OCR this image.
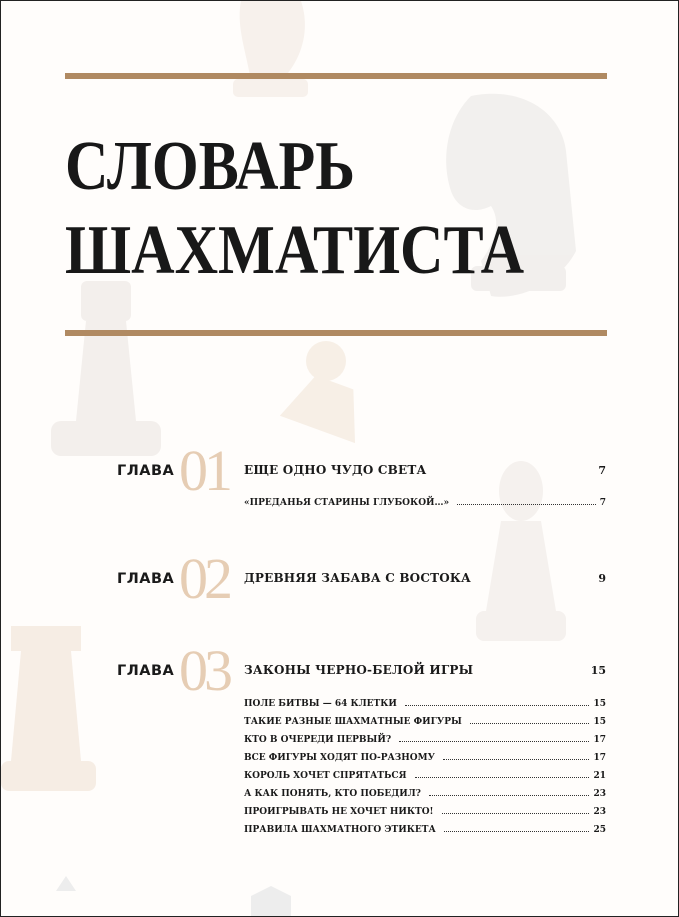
СЛОВАРЬ
ШАХМАТИСТА
ГЛАВА 01 ЕЩЕ ОДНО ЧУДО СВЕТА	7
«ПРЕДАНЬЯ СТАРИНЫ ГЛУБОКОЙ…»	7
ГЛАВА 02 ДРЕВНЯЯ ЗАБАВА С ВОСТОКА	9
ГЛАВА 03 ЗАКОНЫ ЧЕРНО-БЕЛОЙ ИГРЫ	15
ПОЛЕ БИТВЫ — 64 КЛЕТКИ	15
ТАКИЕ РАЗНЫЕ ШАХМАТНЫЕ ФИГУРЫ	15
КТО В ОЧЕРЕДИ ПЕРВЫЙ?	17
ВСЕ ФИГУРЫ ХОДЯТ ПО-РАЗНОМУ	17
КОРОЛЬ ХОЧЕТ СПРЯТАТЬСЯ	21
А КАК ПОНЯТЬ, КТО ПОБЕДИЛ?	23
ПРОИГРЫВАТЬ НЕ ХОЧЕТ НИКТО!	23
ПРАВИЛА ШАХМАТНОГО ЭТИКЕТА	25
